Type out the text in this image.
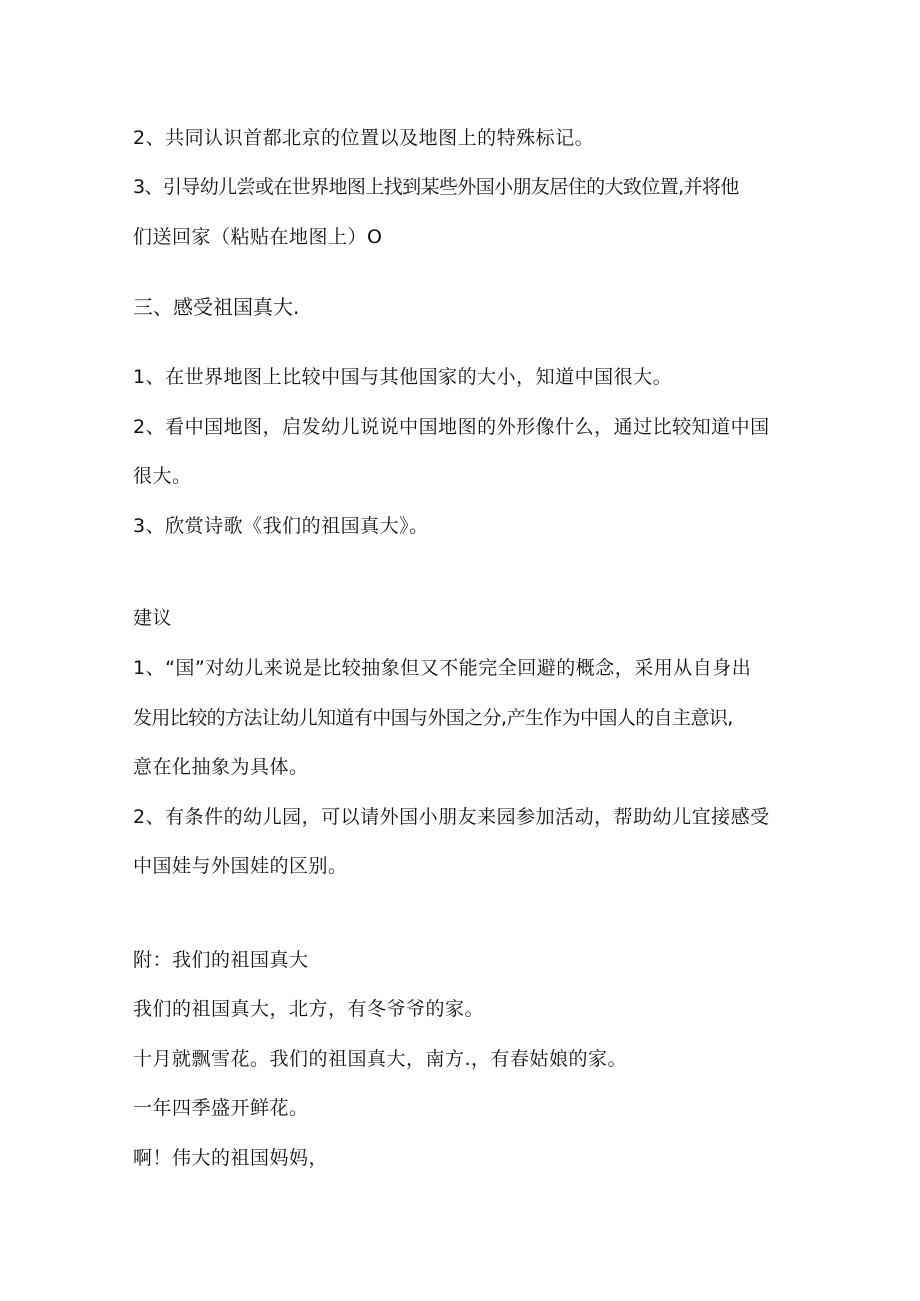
2、共同认识首都北京的位置以及地图上的特殊标记。
3、引导幼儿尝或在世界地图上找到某些外国小朋友居住的大致位置,并将他
们送回家（粘贴在地图上）O
三、感受祖国真大.
1、在世界地图上比较中国与其他国家的大小，知道中国很大。
2、看中国地图，启发幼儿说说中国地图的外形像什么，通过比较知道中国
很大。
3、欣赏诗歌《我们的祖国真大》。
建议
1、“国”对幼儿来说是比较抽象但又不能完全回避的概念，采用从自身出
发用比较的方法让幼儿知道有中国与外国之分,产生作为中国人的自主意识,
意在化抽象为具体。
2、有条件的幼儿园，可以请外国小朋友来园参加活动，帮助幼儿宜接感受
中国娃与外国娃的区别。
附：我们的祖国真大
我们的祖国真大，北方，有冬爷爷的家。
十月就飘雪花。我们的祖国真大，南方.，有春姑娘的家。
一年四季盛开鲜花。
啊！伟大的祖国妈妈，
